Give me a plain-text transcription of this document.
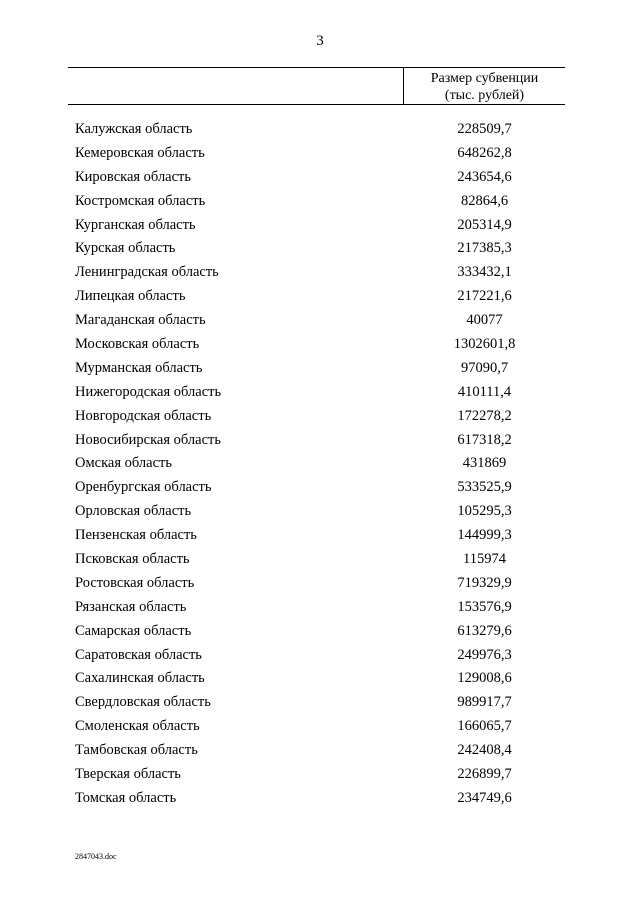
3
Размер субвенции
(тыс. рублей)
Калужская область	228509,7
Кемеровская область	648262,8
Кировская область	243654,6
Костромская область	82864,6
Курганская область	205314,9
Курская область	217385,3
Ленинградская область	333432,1
Липецкая область	217221,6
Магаданская область	40077
Московская область	1302601,8
Мурманская область	97090,7
Нижегородская область	410111,4
Новгородская область	172278,2
Новосибирская область	617318,2
Омская область	431869
Оренбургская область	533525,9
Орловская область	105295,3
Пензенская область	144999,3
Псковская область	115974
Ростовская область	719329,9
Рязанская область	153576,9
Самарская область	613279,6
Саратовская область	249976,3
Сахалинская область	129008,6
Свердловская область	989917,7
Смоленская область	166065,7
Тамбовская область	242408,4
Тверская область	226899,7
Томская область	234749,6
2847043.doc
